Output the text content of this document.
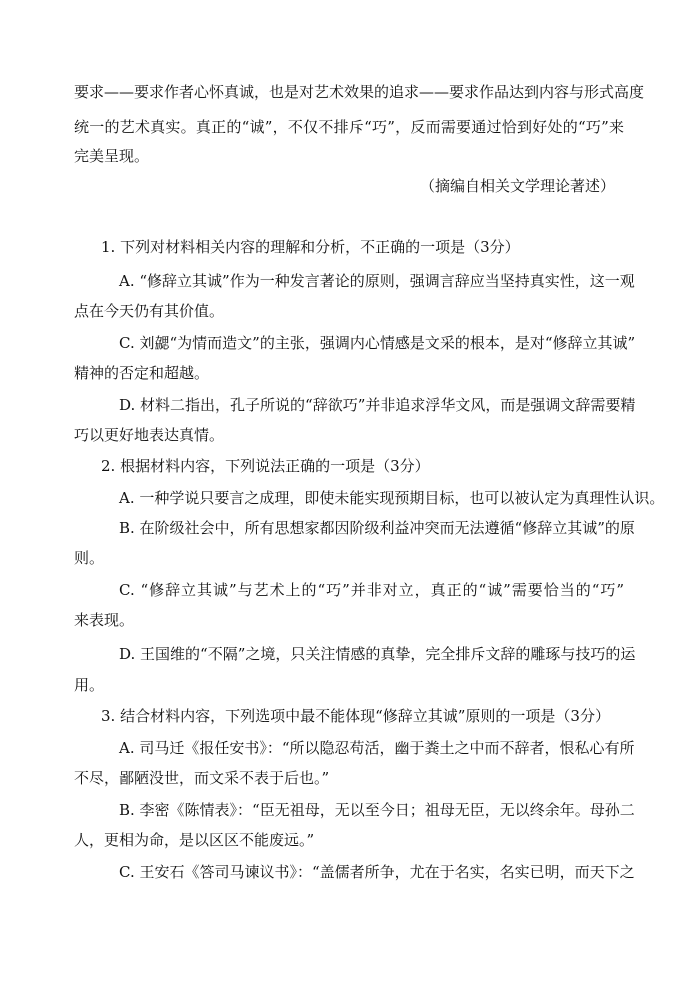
要求——要求作者心怀真诚，也是对艺术效果的追求——要求作品达到内容与形式高度
统一的艺术真实。真正的“诚”，不仅不排斥“巧”，反而需要通过恰到好处的“巧”来
完美呈现。
（摘编自相关文学理论著述）
1. 下列对材料相关内容的理解和分析，不正确的一项是（3分）
A. “修辞立其诚”作为一种发言著论的原则，强调言辞应当坚持真实性，这一观
点在今天仍有其价值。
C. 刘勰“为情而造文”的主张，强调内心情感是文采的根本，是对“修辞立其诚”
精神的否定和超越。
D. 材料二指出，孔子所说的“辞欲巧”并非追求浮华文风，而是强调文辞需要精
巧以更好地表达真情。
2. 根据材料内容，下列说法正确的一项是（3分）
A. 一种学说只要言之成理，即使未能实现预期目标，也可以被认定为真理性认识。
B. 在阶级社会中，所有思想家都因阶级利益冲突而无法遵循“修辞立其诚”的原
则。
C. “修辞立其诚”与艺术上的“巧”并非对立，真正的“诚”需要恰当的“巧”
来表现。
D. 王国维的“不隔”之境，只关注情感的真挚，完全排斥文辞的雕琢与技巧的运
用。
3. 结合材料内容，下列选项中最不能体现“修辞立其诚”原则的一项是（3分）
A. 司马迁《报任安书》：“所以隐忍苟活，幽于粪土之中而不辞者，恨私心有所
不尽，鄙陋没世，而文采不表于后也。”
B. 李密《陈情表》：“臣无祖母，无以至今日；祖母无臣，无以终余年。母孙二
人，更相为命，是以区区不能废远。”
C. 王安石《答司马谏议书》：“盖儒者所争，尤在于名实，名实已明，而天下之
